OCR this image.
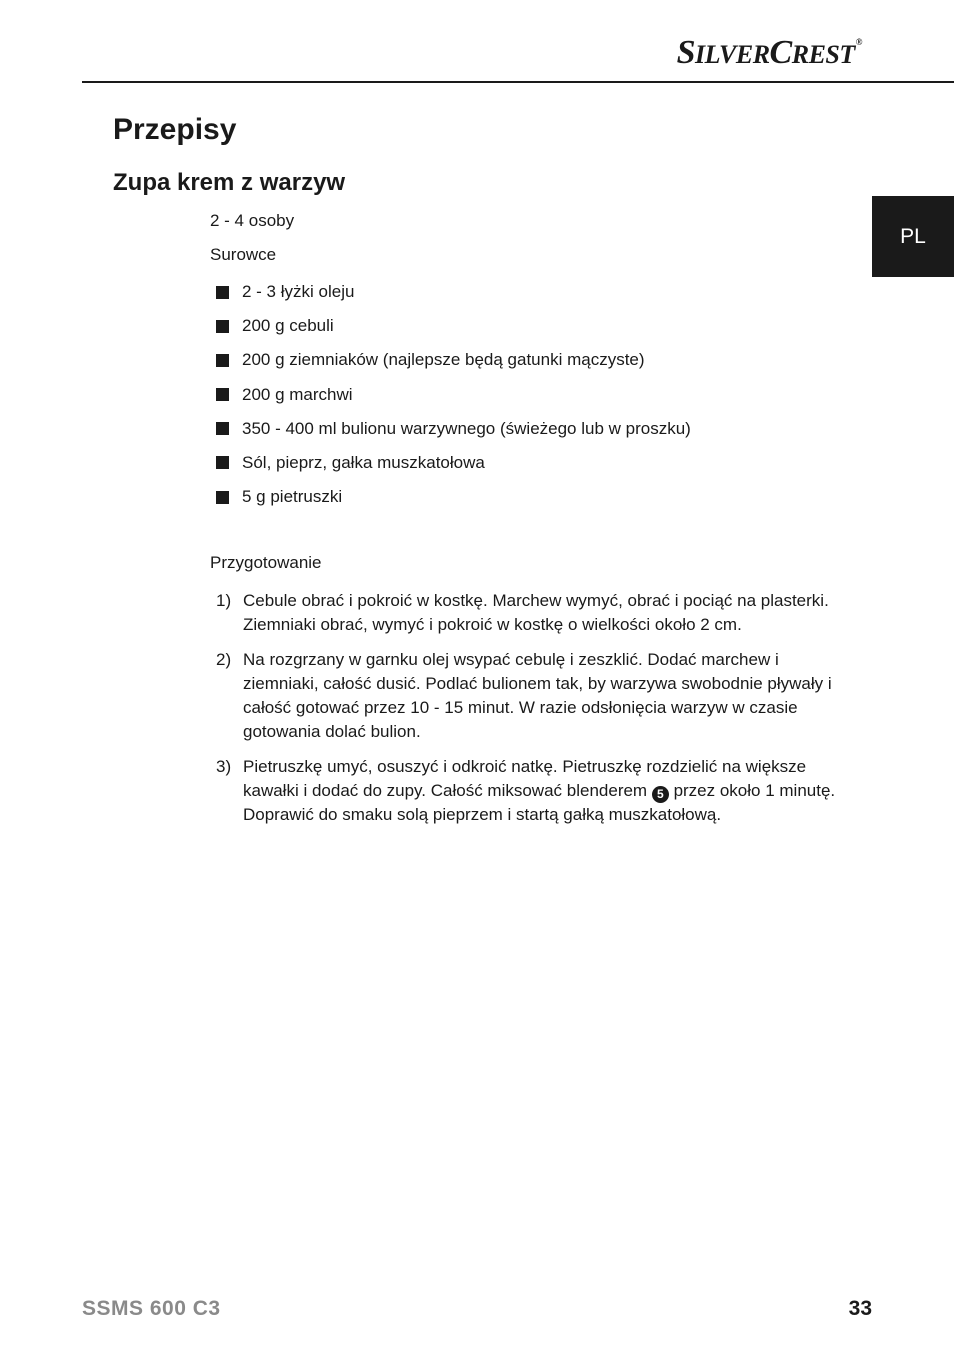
SILVERCREST®
PL
Przepisy
Zupa krem z warzyw
2 - 4 osoby
Surowce
2 - 3 łyżki oleju
200 g cebuli
200 g ziemniaków (najlepsze będą gatunki mączyste)
200 g marchwi
350 - 400 ml bulionu warzywnego (świeżego lub w proszku)
Sól, pieprz, gałka muszkatołowa
5 g pietruszki
Przygotowanie
1) Cebule obrać i pokroić w kostkę. Marchew wymyć, obrać i pociąć na plasterki. Ziemniaki obrać, wymyć i pokroić w kostkę o wielkości około 2 cm.
2) Na rozgrzany w garnku olej wsypać cebulę i zeszklić. Dodać marchew i ziemniaki, całość dusić. Podlać bulionem tak, by warzywa swobodnie pływały i całość gotować przez 10 - 15 minut. W razie odsłonięcia warzyw w czasie gotowania dolać bulion.
3) Pietruszkę umyć, osuszyć i odkroić natkę. Pietruszkę rozdzielić na większe kawałki i dodać do zupy. Całość miksować blenderem 5 przez około 1 minutę. Doprawić do smaku solą pieprzem i startą gałką muszkatołową.
SSMS 600 C3	33
